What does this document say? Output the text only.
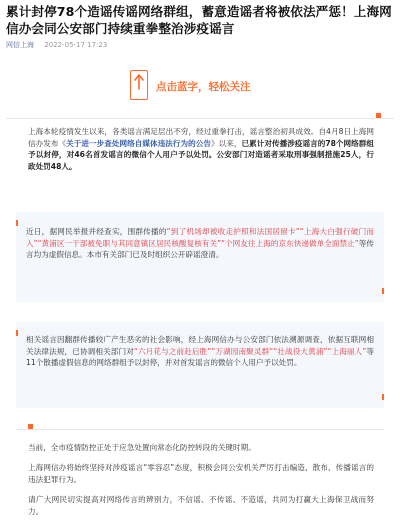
累计封停78个造谣传谣网络群组，蓄意造谣者将被依法严惩！上海网信办会同公安部门持续重拳整治涉疫谣言
网信上海 2022-05-17 17:23
点击蓝字，轻松关注
上海本轮疫情发生以来，各类谣言满足层出不穷，经过重拳打击，谣言整治初具成效。自4月8日上海网信办发布《关于进一步查处网络自媒体违法行为的公告》以来，已累计对传播涉疫谣言的78个网络群组予以封停，对46名首发谣言的微信个人用户予以处罚。公安部门对造谣者采取刑事强制措施25人，行政处罚48人。
近日，据网民举报并经查实，围群传播的“到了机场却被收走护照和法国居留卡”“上海大白强行破门而入”“黄浦区一干部被免职与其同意镇区居民核酸复核有关”“个网友往上海的京东快递做单全面禁止”等传言均为虚假信息。本市有关部门已及时组织公开辟谣澄清。
相关谣言因翻群传播较广产生恶劣的社会影响，经上海网信办与公安部门依法溯源调查，依据互联网相关法律法规，已协调相关部门对“六月花与之前赴后胜”“万湖园南聚灵群”“壮战役大黄浦”“上海丽人”等11个散播虚假信息的网络群组予以封停，并对首发谣言的微信个人用户予以处罚。
当前，全市疫情防控正处于应急处置向常态化防控转段的关键时期。
上海网信办将始终坚持对涉疫谣言“零容忍”态度，积极会同公安机关严厉打击编造、散布、传播谣言的违法犯罪行为。
请广大网民切实提高对网络传言的辨别力，不信谣、不传谣、不造谣，共同为打赢大上海保卫战而努力。
